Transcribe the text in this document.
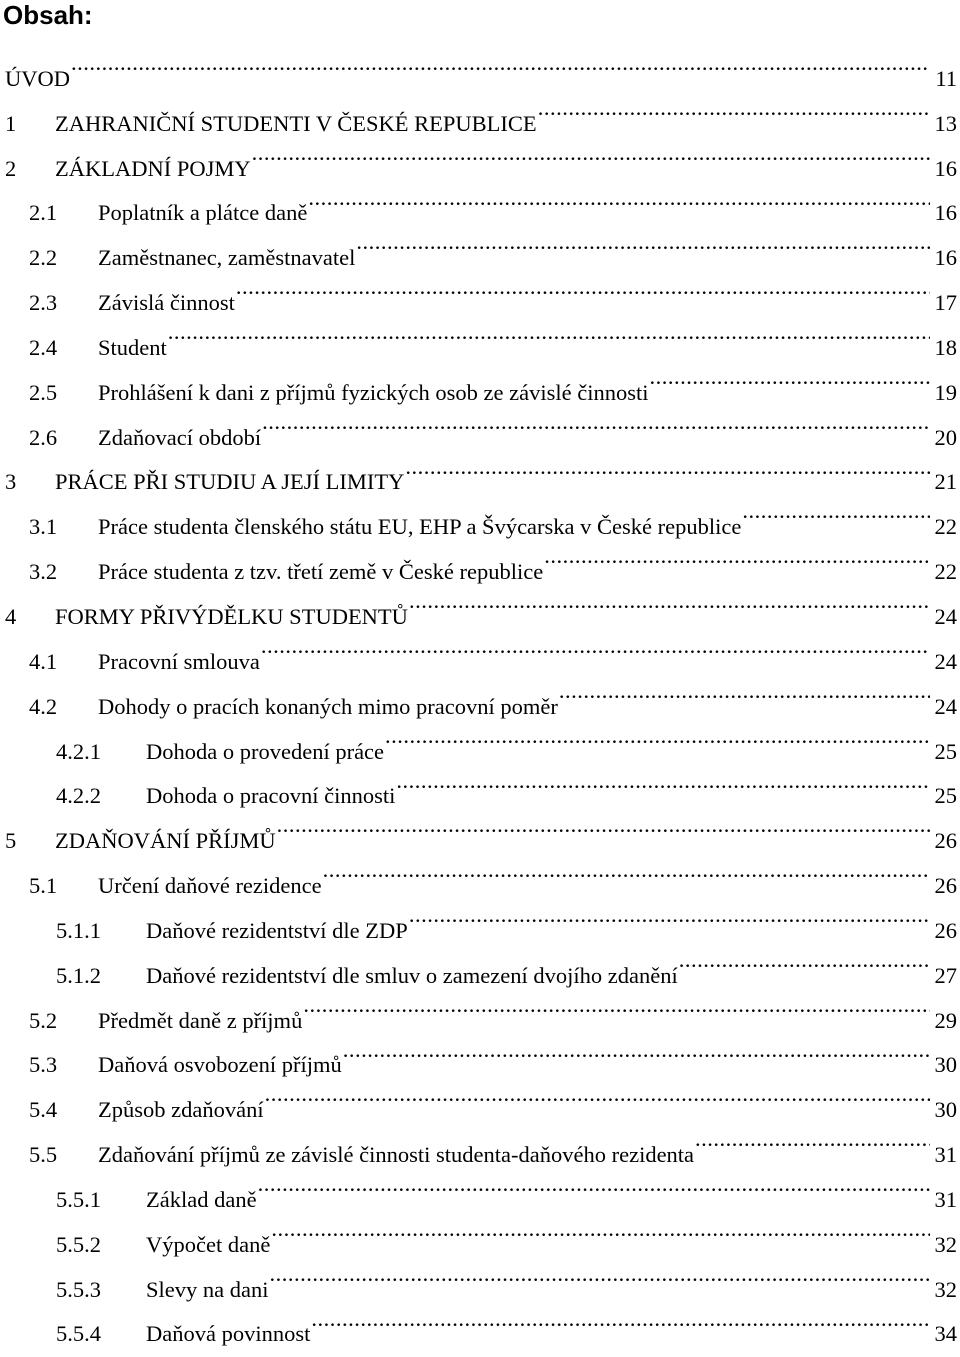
Obsah:
ÚVOD .....	11
1	ZAHRANIČNÍ STUDENTI V ČESKÉ REPUBLICE .....	13
2	ZÁKLADNÍ POJMY .....	16
2.1	Poplatník a plátce daně .....	16
2.2	Zaměstnanec, zaměstnavatel .....	16
2.3	Závislá činnost .....	17
2.4	Student .....	18
2.5	Prohlášení k dani z příjmů fyzických osob ze závislé činnosti .....	19
2.6	Zdaňovací období .....	20
3	PRÁCE PŘI STUDIU A JEJÍ LIMITY .....	21
3.1	Práce studenta členského státu EU, EHP a Švýcarska v České republice .....	22
3.2	Práce studenta z tzv. třetí země v České republice .....	22
4	FORMY PŘIVÝDĚLKU STUDENTŮ .....	24
4.1	Pracovní smlouva .....	24
4.2	Dohody o pracích konaných mimo pracovní poměr .....	24
4.2.1	Dohoda o provedení práce .....	25
4.2.2	Dohoda o pracovní činnosti .....	25
5	ZDAŇOVÁNÍ PŘÍJMŮ .....	26
5.1	Určení daňové rezidence .....	26
5.1.1	Daňové rezidentství dle ZDP .....	26
5.1.2	Daňové rezidentství dle smluv o zamezení dvojího zdanění .....	27
5.2	Předmět daně z příjmů .....	29
5.3	Daňová osvobození příjmů .....	30
5.4	Způsob zdaňování .....	30
5.5	Zdaňování příjmů ze závislé činnosti studenta-daňového rezidenta .....	31
5.5.1	Základ daně .....	31
5.5.2	Výpočet daně .....	32
5.5.3	Slevy na dani .....	32
5.5.4	Daňová povinnost .....	34
